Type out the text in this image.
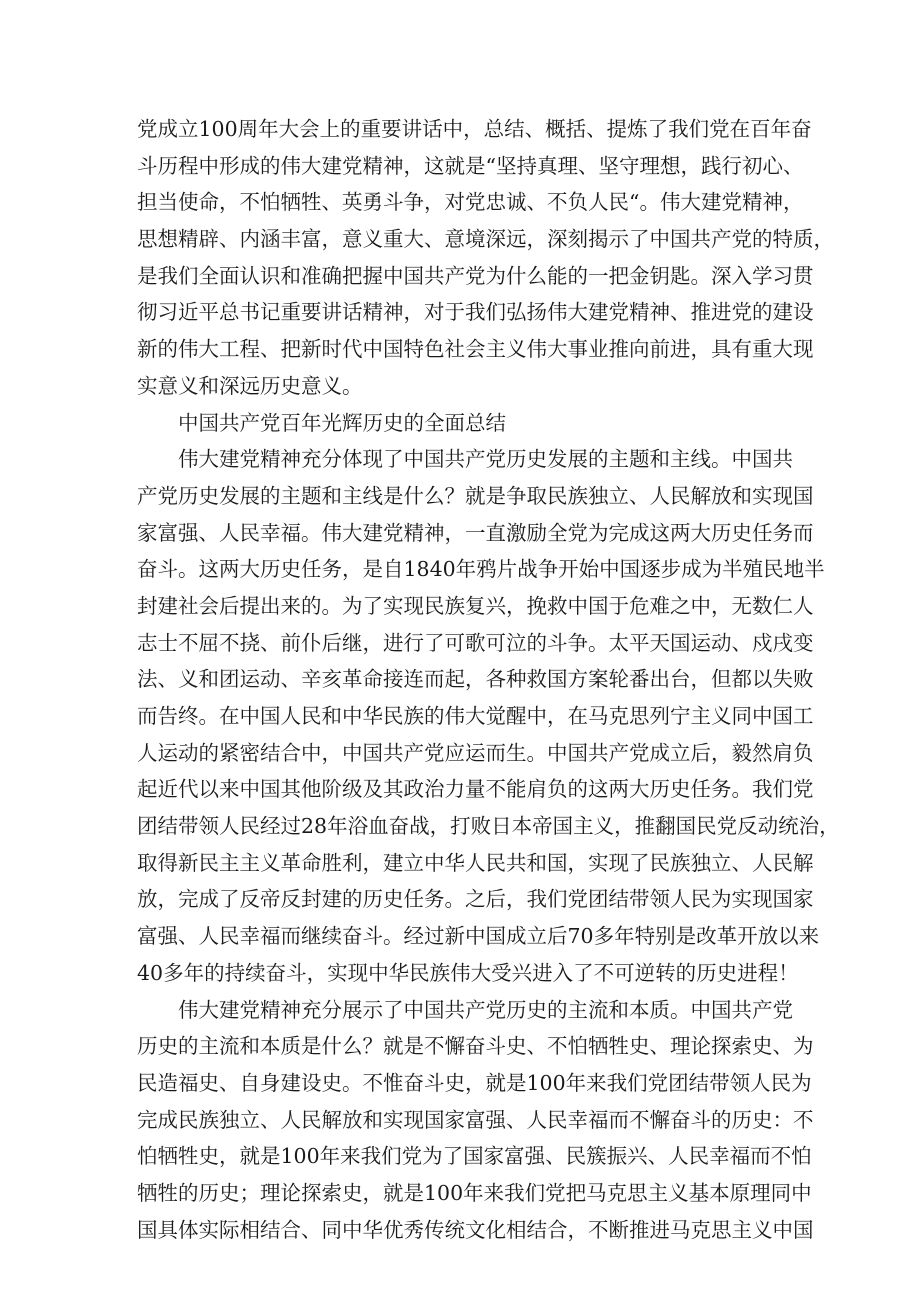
党成立100周年大会上的重要讲话中，总结、概括、提炼了我们党在百年奋
斗历程中形成的伟大建党精神，这就是“坚持真理、坚守理想，践行初心、
担当使命，不怕牺牲、英勇斗争，对党忠诚、不负人民“。伟大建党精神，
思想精辟、内涵丰富，意义重大、意境深远，深刻揭示了中国共产党的特质，
是我们全面认识和准确把握中国共产党为什么能的一把金钥匙。深入学习贯
彻习近平总书记重要讲话精神，对于我们弘扬伟大建党精神、推进党的建设
新的伟大工程、把新时代中国特色社会主义伟大事业推向前进，具有重大现
实意义和深远历史意义。
中国共产党百年光辉历史的全面总结
伟大建党精神充分体现了中国共产党历史发展的主题和主线。中国共
产党历史发展的主题和主线是什么？就是争取民族独立、人民解放和实现国
家富强、人民幸福。伟大建党精神，一直激励全党为完成这两大历史任务而
奋斗。这两大历史任务，是自1840年鸦片战争开始中国逐步成为半殖民地半
封建社会后提出来的。为了实现民族复兴，挽救中国于危难之中，无数仁人
志士不屈不挠、前仆后继，进行了可歌可泣的斗争。太平天国运动、戍戌变
法、义和团运动、辛亥革命接连而起，各种救国方案轮番出台，但都以失败
而告终。在中国人民和中华民族的伟大觉醒中，在马克思列宁主义同中国工
人运动的紧密结合中，中国共产党应运而生。中国共产党成立后，毅然肩负
起近代以来中国其他阶级及其政治力量不能肩负的这两大历史任务。我们党
团结带领人民经过28年浴血奋战，打败日本帝国主义，推翻国民党反动统治，
取得新民主主义革命胜利，建立中华人民共和国，实现了民族独立、人民解
放，完成了反帝反封建的历史任务。之后，我们党团结带领人民为实现国家
富强、人民幸福而继续奋斗。经过新中国成立后70多年特别是改革开放以来
40多年的持续奋斗，实现中华民族伟大受兴进入了不可逆转的历史进程！
伟大建党精神充分展示了中国共产党历史的主流和本质。中国共产党
历史的主流和本质是什么？就是不懈奋斗史、不怕牺牲史、理论探索史、为
民造福史、自身建设史。不惟奋斗史，就是100年来我们党团结带领人民为
完成民族独立、人民解放和实现国家富强、人民幸福而不懈奋斗的历史：不
怕牺牲史，就是100年来我们党为了国家富强、民簇振兴、人民幸福而不怕
牺牲的历史；理论探索史，就是100年来我们党把马克思主义基本原理同中
国具体实际相结合、同中华优秀传统文化相结合，不断推进马克思主义中国
